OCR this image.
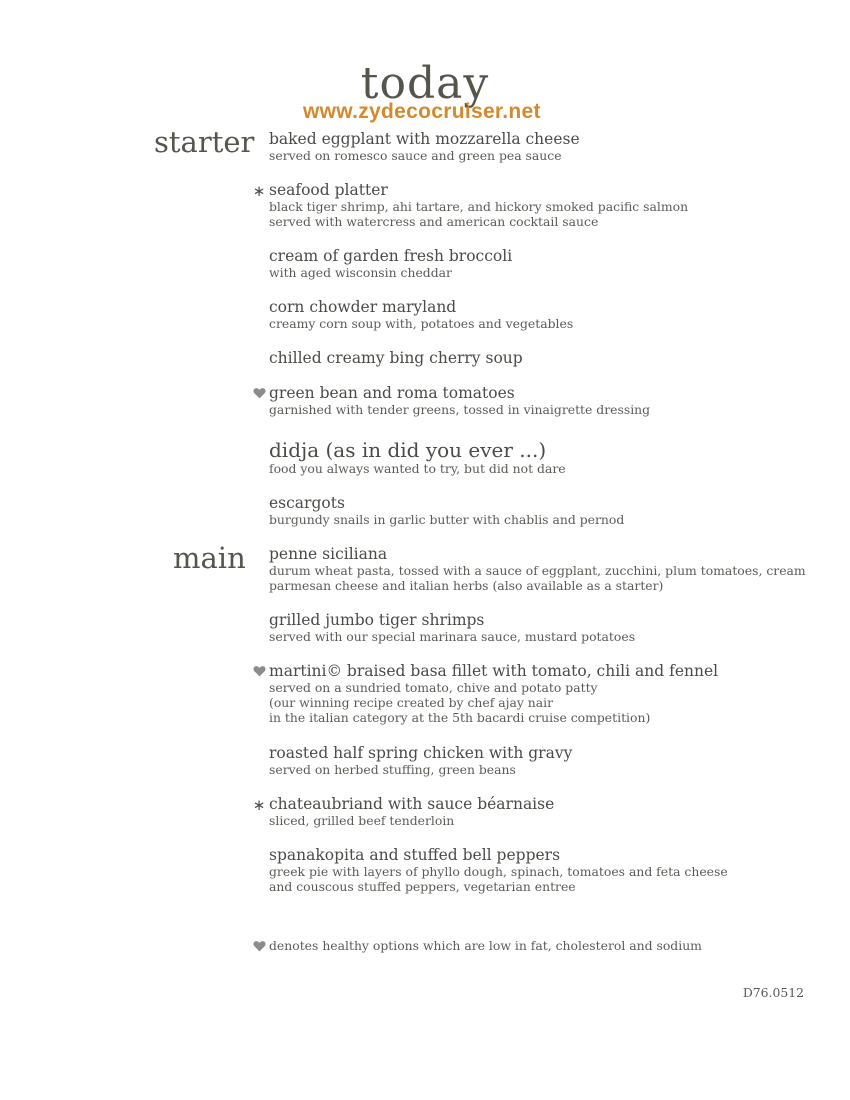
today
www.zydecocruiser.net
starter
main
baked eggplant with mozzarella cheese
served on romesco sauce and green pea sauce
∗ seafood platter
black tiger shrimp, ahi tartare, and hickory smoked pacific salmon
served with watercress and american cocktail sauce
cream of garden fresh broccoli
with aged wisconsin cheddar
corn chowder maryland
creamy corn soup with, potatoes and vegetables
chilled creamy bing cherry soup
green bean and roma tomatoes
garnished with tender greens, tossed in vinaigrette dressing
didja (as in did you ever ...)
food you always wanted to try, but did not dare
escargots
burgundy snails in garlic butter with chablis and pernod
penne siciliana
durum wheat pasta, tossed with a sauce of eggplant, zucchini, plum tomatoes, cream
parmesan cheese and italian herbs (also available as a starter)
grilled jumbo tiger shrimps
served with our special marinara sauce, mustard potatoes
martini© braised basa fillet with tomato, chili and fennel
served on a sundried tomato, chive and potato patty
(our winning recipe created by chef ajay nair
in the italian category at the 5th bacardi cruise competition)
roasted half spring chicken with gravy
served on herbed stuffing, green beans
∗ chateaubriand with sauce béarnaise
sliced, grilled beef tenderloin
spanakopita and stuffed bell peppers
greek pie with layers of phyllo dough, spinach, tomatoes and feta cheese
and couscous stuffed peppers, vegetarian entree
denotes healthy options which are low in fat, cholesterol and sodium
D76.0512
